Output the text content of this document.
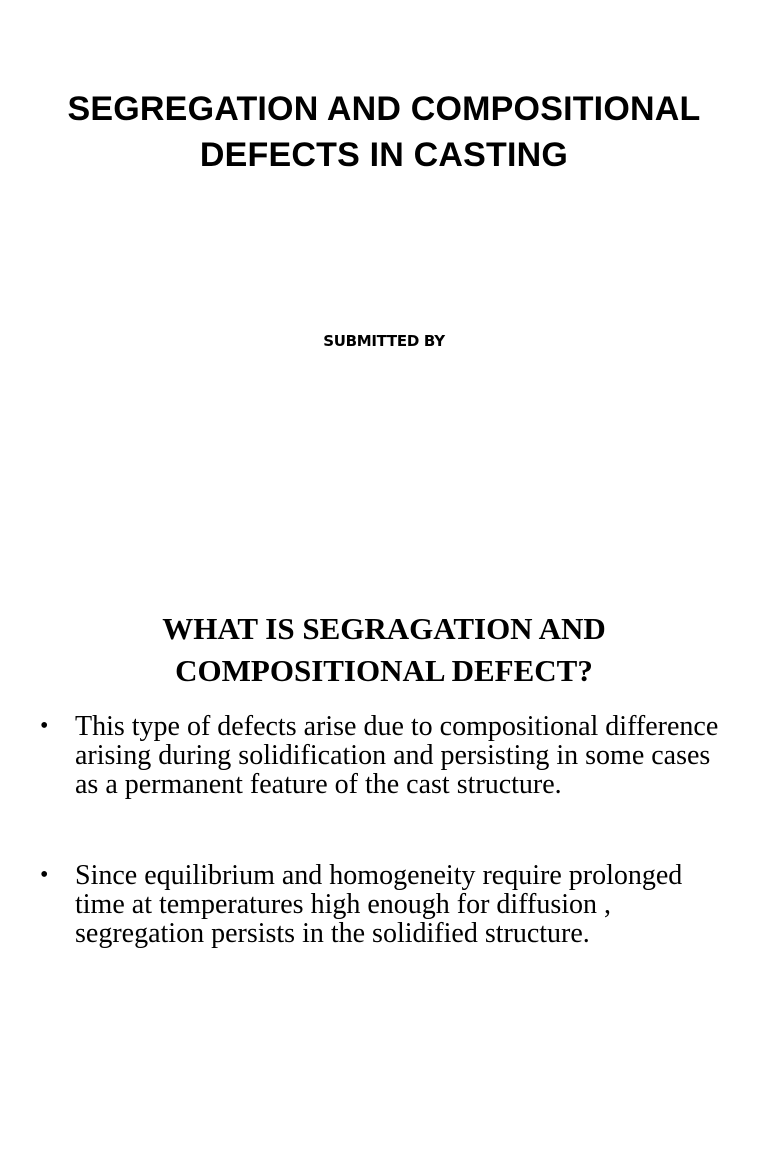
SEGREGATION AND COMPOSITIONAL DEFECTS IN CASTING
SUBMITTED BY
WHAT IS SEGRAGATION AND COMPOSITIONAL DEFECT?
• This type of defects arise due to compositional difference arising during solidification and persisting in some cases as a permanent feature of the cast structure.
• Since equilibrium and homogeneity require prolonged time at temperatures high enough for diffusion , segregation persists in the solidified structure.
